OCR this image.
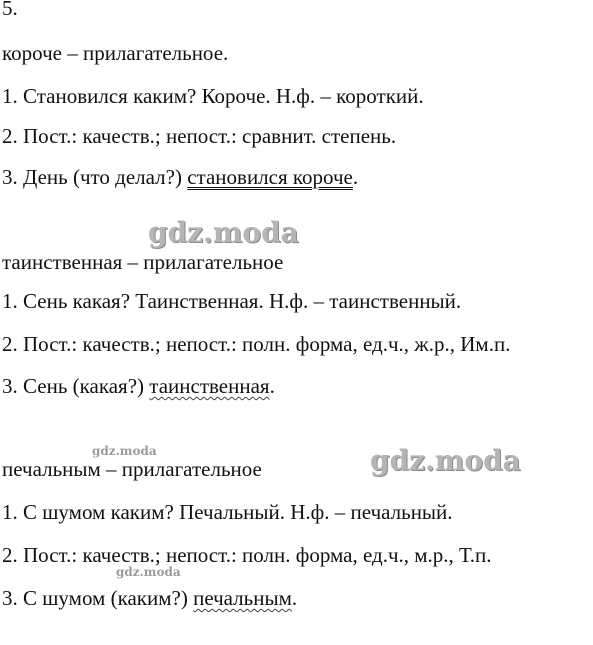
5.
короче – прилагательное.
1. Становился каким? Короче. Н.ф. – короткий.
2. Пост.: качеств.; непост.: сравнит. степень.
3. День (что делал?) становился короче.
gdz.moda
таинственная – прилагательное
1. Сень какая? Таинственная. Н.ф. – таинственный.
2. Пост.: качеств.; непост.: полн. форма, ед.ч., ж.р., Им.п.
3. Сень (какая?) таинственная.
gdz.moda	gdz.moda
печальным – прилагательное
1. С шумом каким? Печальный. Н.ф. – печальный.
2. Пост.: качеств.; непост.: полн. форма, ед.ч., м.р., Т.п.
gdz.moda
3. С шумом (каким?) печальным.
